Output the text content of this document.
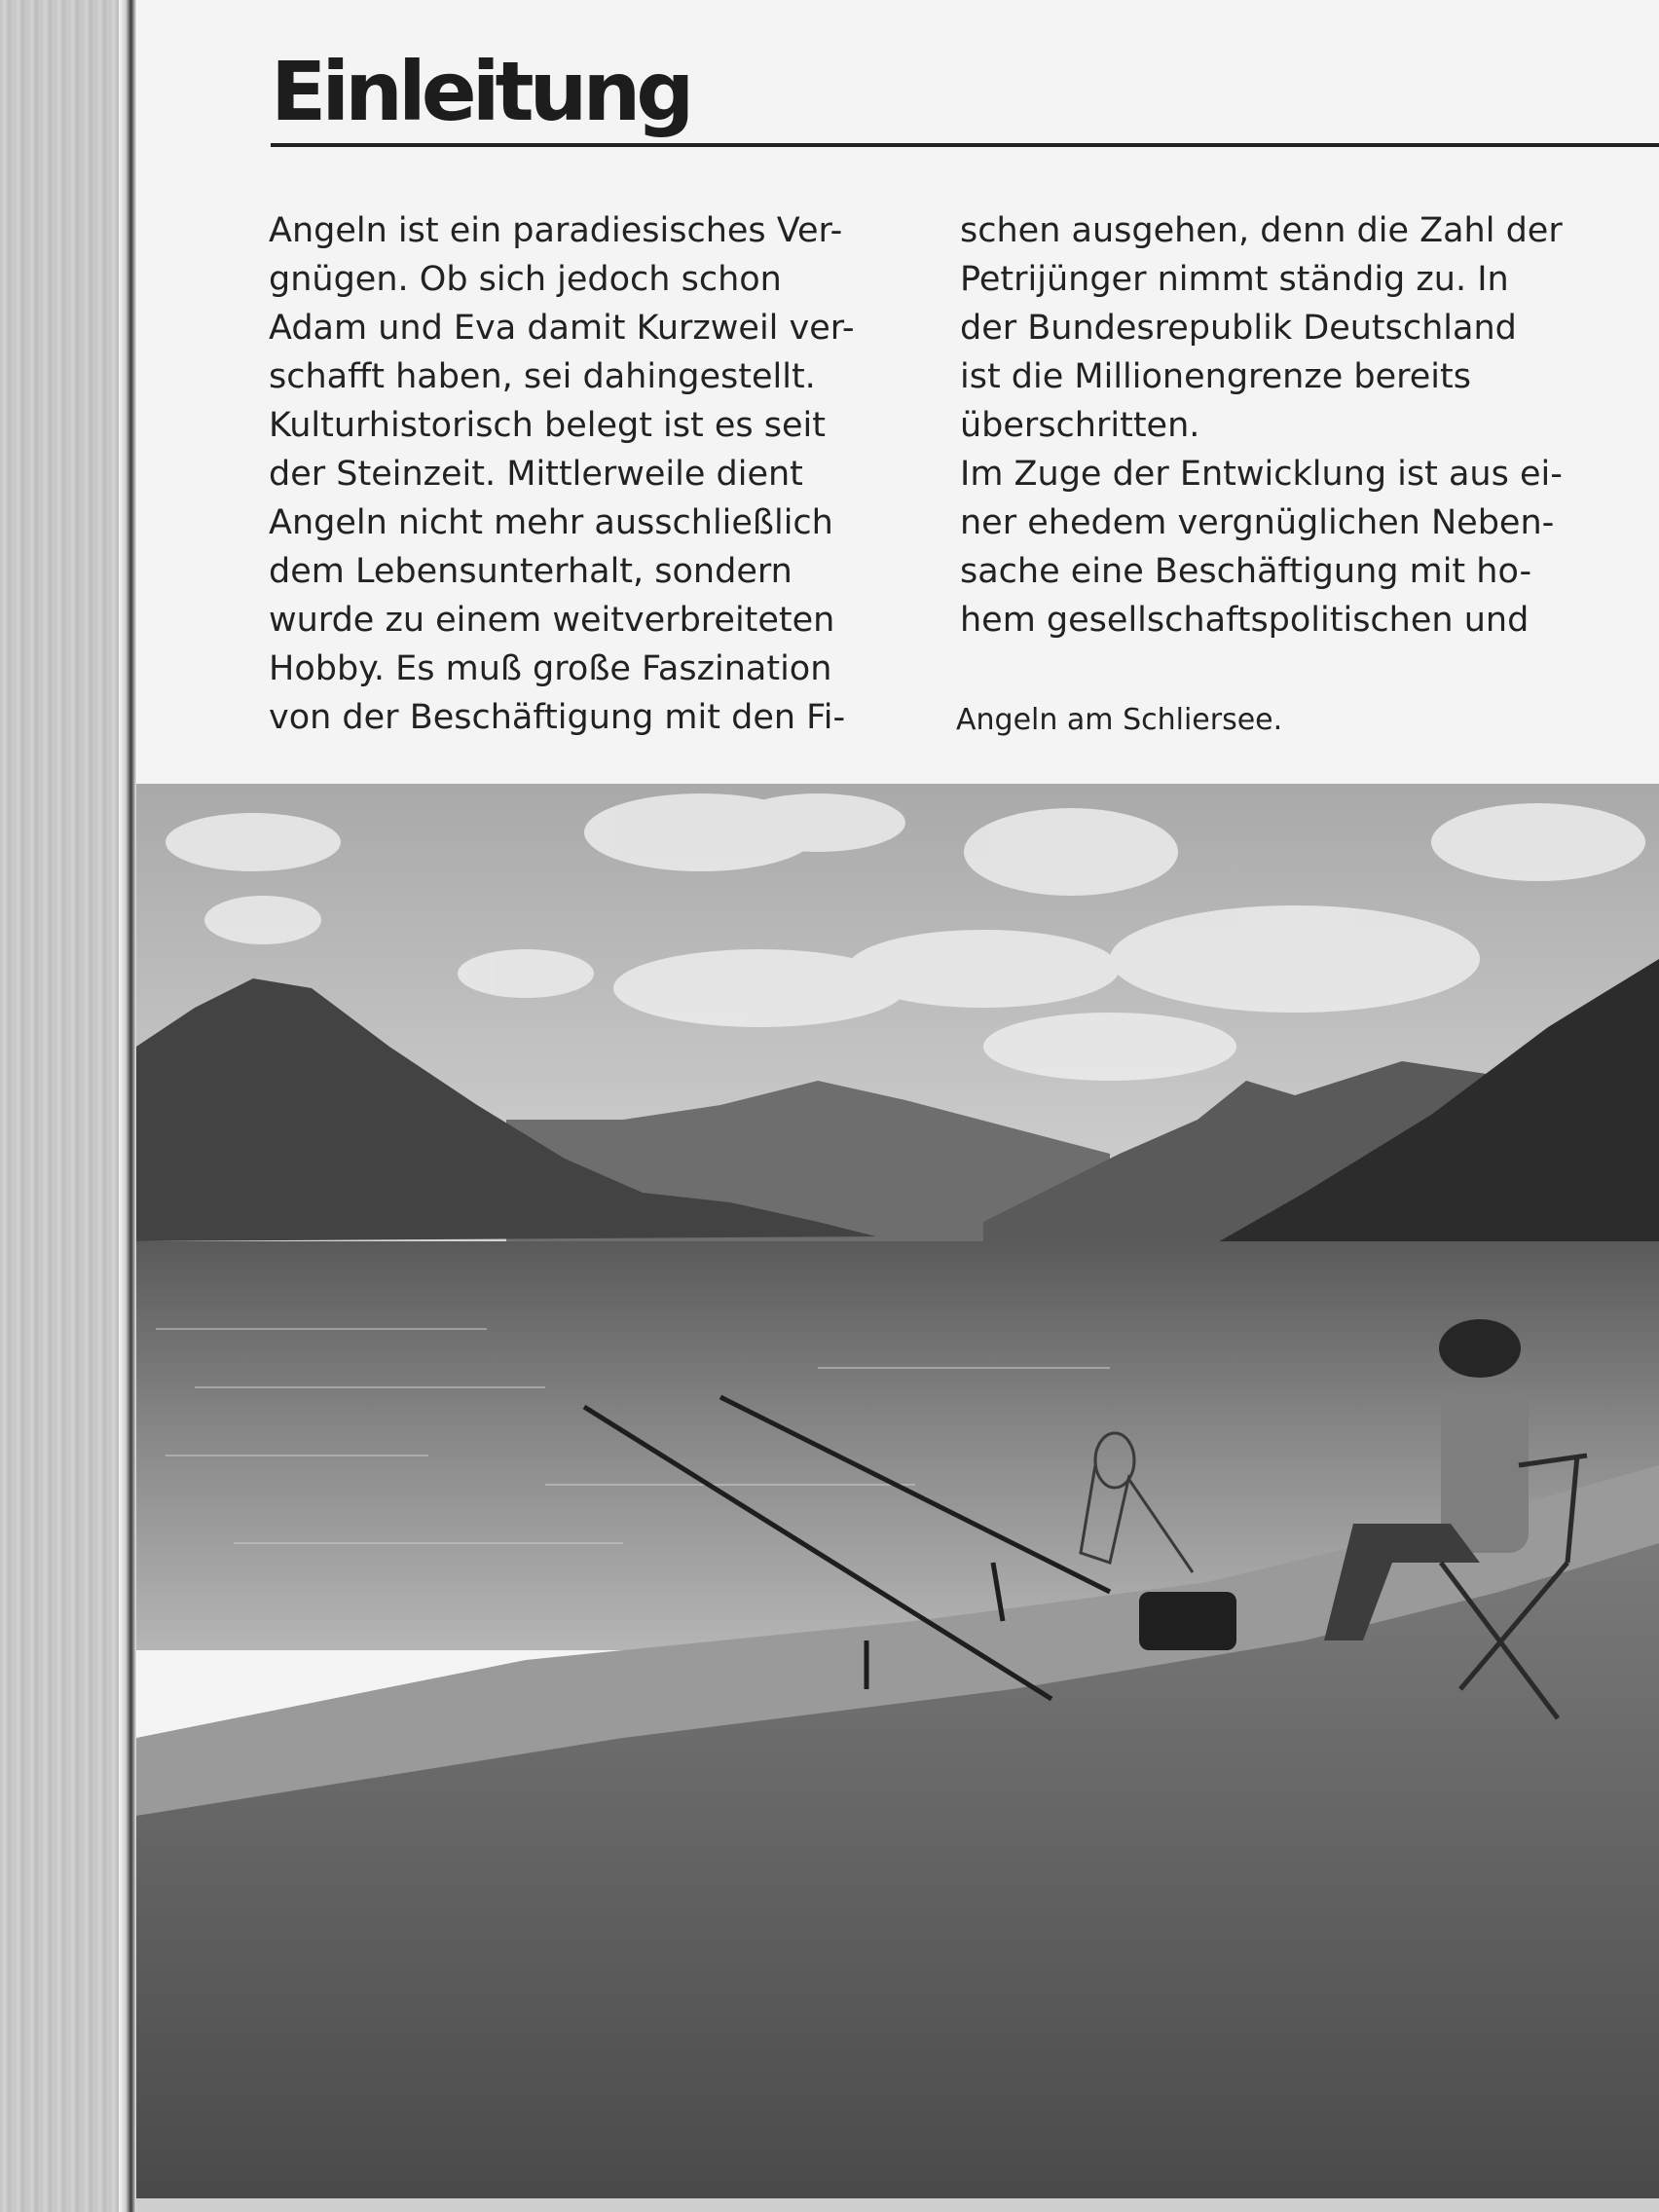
Einleitung
Angeln ist ein paradiesisches Ver-
gnügen. Ob sich jedoch schon
Adam und Eva damit Kurzweil ver-
schafft haben, sei dahingestellt.
Kulturhistorisch belegt ist es seit
der Steinzeit. Mittlerweile dient
Angeln nicht mehr ausschließlich
dem Lebensunterhalt, sondern
wurde zu einem weitverbreiteten
Hobby. Es muß große Faszination
von der Beschäftigung mit den Fi-
schen ausgehen, denn die Zahl der
Petrijünger nimmt ständig zu. In
der Bundesrepublik Deutschland
ist die Millionengrenze bereits
überschritten.
Im Zuge der Entwicklung ist aus ei-
ner ehedem vergnüglichen Neben-
sache eine Beschäftigung mit ho-
hem gesellschaftspolitischen und
Angeln am Schliersee.
